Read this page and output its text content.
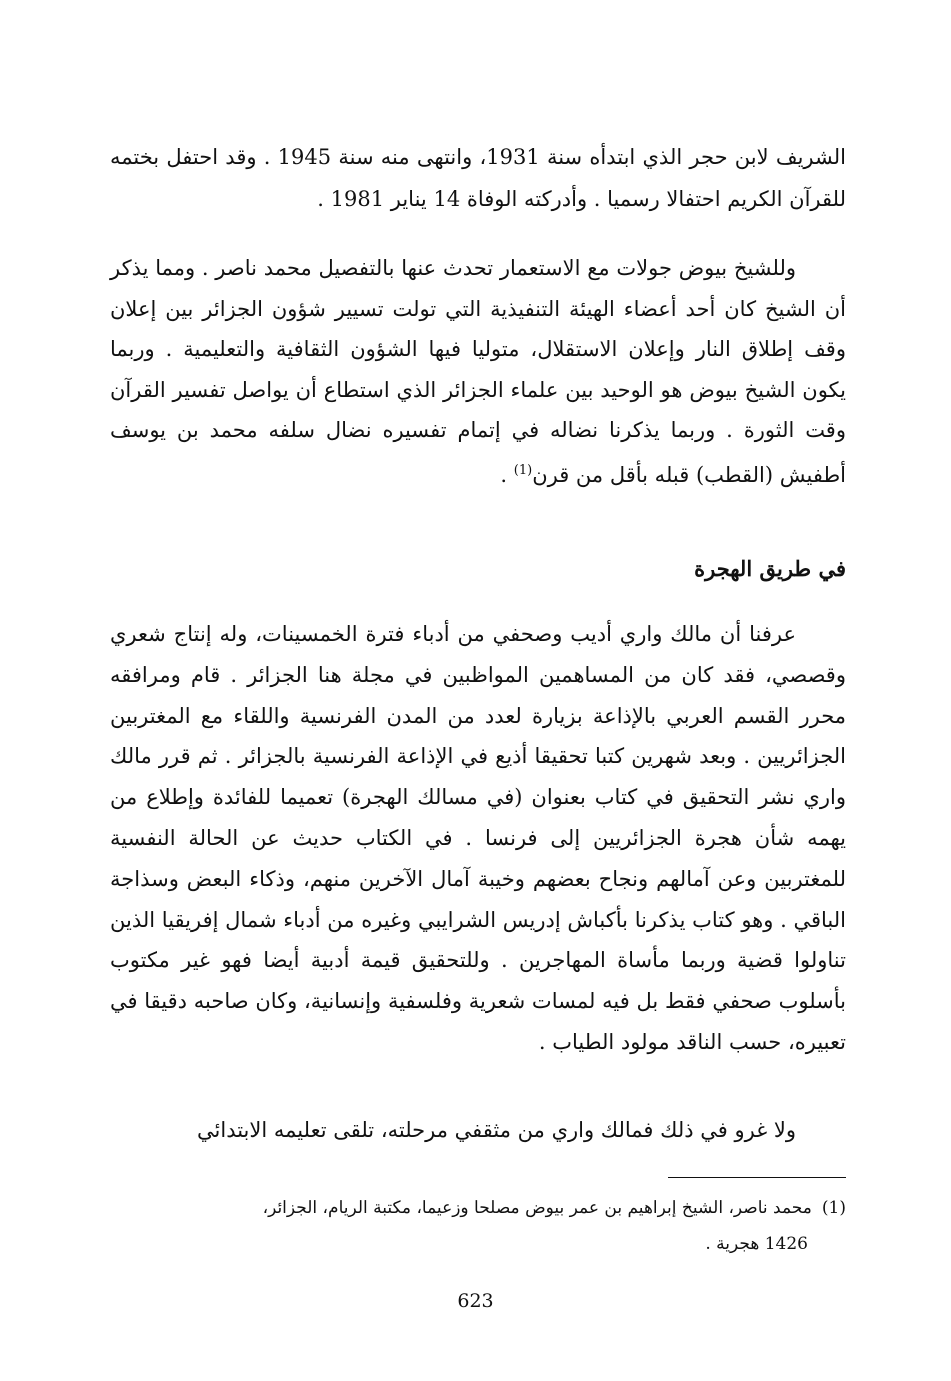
الشريف لابن حجر الذي ابتدأه سنة 1931، وانتهى منه سنة 1945 . وقد احتفل بختمه للقرآن الكريم احتفالا رسميا . وأدركته الوفاة 14 يناير 1981 .
وللشيخ بيوض جولات مع الاستعمار تحدث عنها بالتفصيل محمد ناصر . ومما يذكر أن الشيخ كان أحد أعضاء الهيئة التنفيذية التي تولت تسيير شؤون الجزائر بين إعلان وقف إطلاق النار وإعلان الاستقلال، متوليا فيها الشؤون الثقافية والتعليمية . وربما يكون الشيخ بيوض هو الوحيد بين علماء الجزائر الذي استطاع أن يواصل تفسير القرآن وقت الثورة . وربما يذكرنا نضاله في إتمام تفسيره نضال سلفه محمد بن يوسف أطفيش (القطب) قبله بأقل من قرن$^{(1)}$ .
في طريق الهجرة
عرفنا أن مالك واري أديب وصحفي من أدباء فترة الخمسينات، وله إنتاج شعري وقصصي، فقد كان من المساهمين المواظبين في مجلة هنا الجزائر . قام ومرافقه محرر القسم العربي بالإذاعة بزيارة لعدد من المدن الفرنسية واللقاء مع المغتربين الجزائريين . وبعد شهرين كتبا تحقيقا أذيع في الإذاعة الفرنسية بالجزائر . ثم قرر مالك واري نشر التحقيق في كتاب بعنوان (في مسالك الهجرة) تعميما للفائدة وإطلاع من يهمه شأن هجرة الجزائريين إلى فرنسا . في الكتاب حديث عن الحالة النفسية للمغتربين وعن آمالهم ونجاح بعضهم وخيبة آمال الآخرين منهم، وذكاء البعض وسذاجة الباقي . وهو كتاب يذكرنا بأكباش إدريس الشرايبي وغيره من أدباء شمال إفريقيا الذين تناولوا قضية وربما مأساة المهاجرين . وللتحقيق قيمة أدبية أيضا فهو غير مكتوب بأسلوب صحفي فقط بل فيه لمسات شعرية وفلسفية وإنسانية، وكان صاحبه دقيقا في تعبيره، حسب الناقد مولود الطياب .
ولا غرو في ذلك فمالك واري من مثقفي مرحلته، تلقى تعليمه الابتدائي
(1)محمد ناصر، الشيخ إبراهيم بن عمر بيوض مصلحا وزعيما، مكتبة الريام، الجزائر،
1426 هجرية .
623
